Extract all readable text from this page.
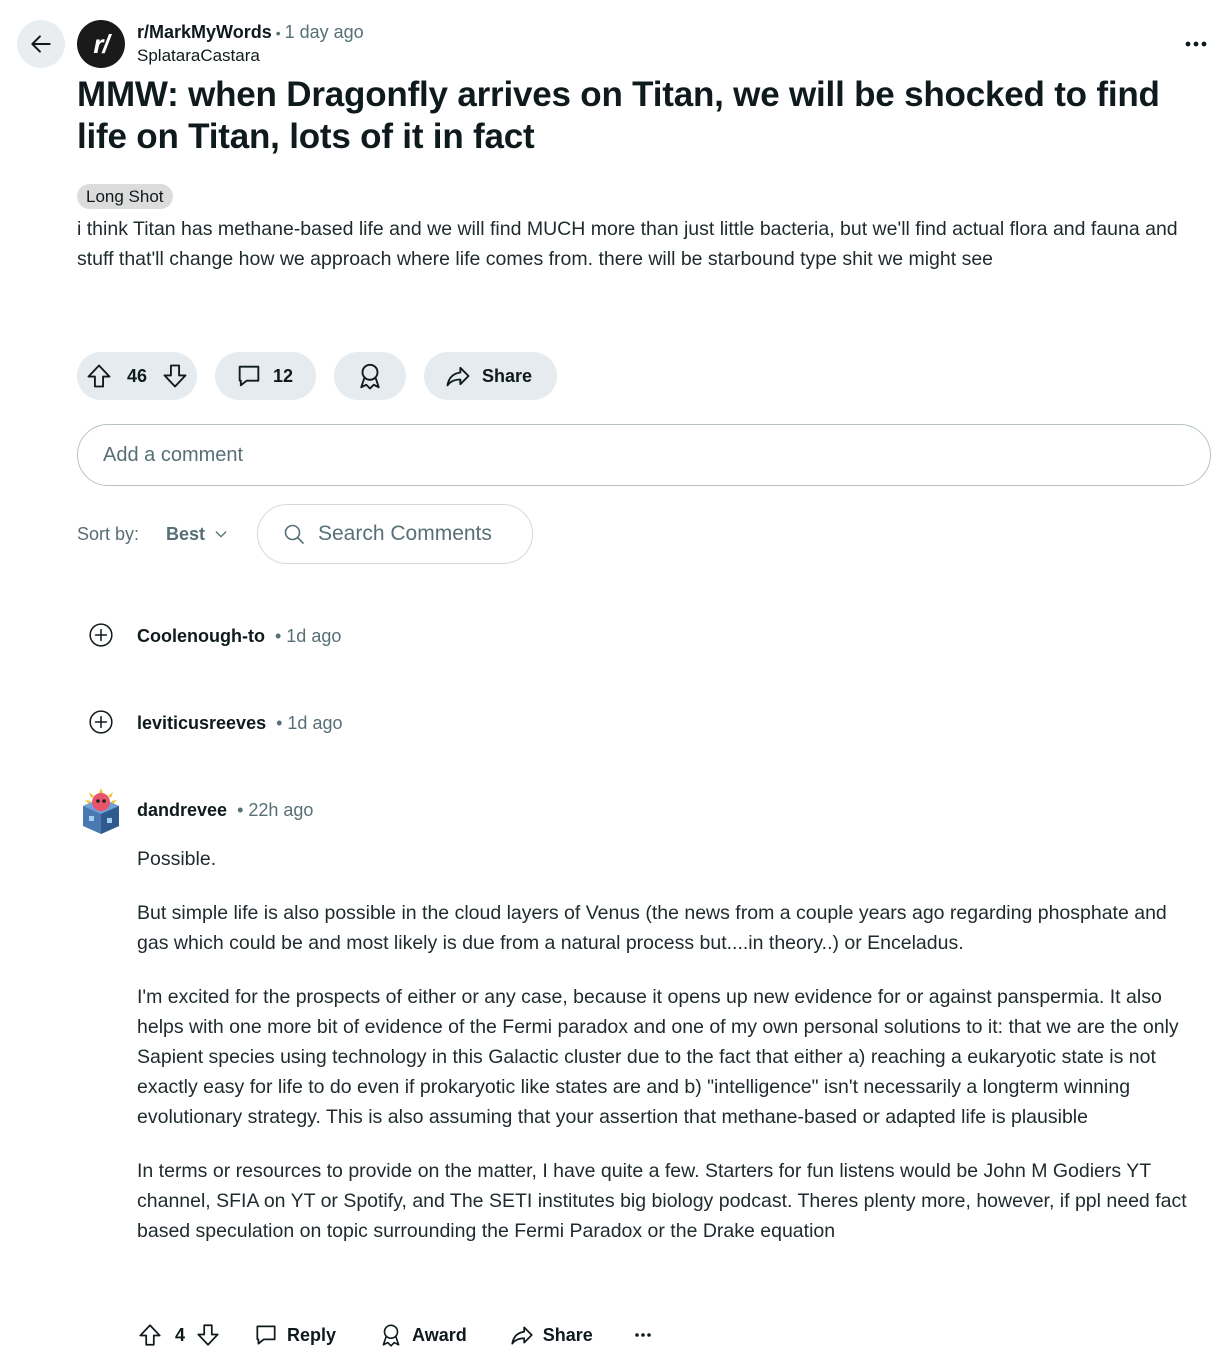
r/ r/MarkMyWords • 1 day ago
SplataraCastara
MMW: when Dragonfly arrives on Titan, we will be shocked to find life on Titan, lots of it in fact
Long Shot
i think Titan has methane-based life and we will find MUCH more than just little bacteria, but we'll find actual flora and fauna and stuff that'll change how we approach where life comes from. there will be starbound type shit we might see
46	12	Share
Add a comment
Sort by: Best
Search Comments
Coolenough-to  • 1d ago
leviticusreeves  • 1d ago
dandrevee  • 22h ago

Possible.

But simple life is also possible in the cloud layers of Venus (the news from a couple years ago regarding phosphate and gas which could be and most likely is due from a natural process but....in theory..) or Enceladus.

I'm excited for the prospects of either or any case, because it opens up new evidence for or against panspermia. It also helps with one more bit of evidence of the Fermi paradox and one of my own personal solutions to it: that we are the only Sapient species using technology in this Galactic cluster due to the fact that either a) reaching a eukaryotic state is not exactly easy for life to do even if prokaryotic like states are and b) "intelligence" isn't necessarily a longterm winning evolutionary strategy. This is also assuming that your assertion that methane-based or adapted life is plausible

In terms or resources to provide on the matter, I have quite a few. Starters for fun listens would be John M Godiers YT channel, SFIA on YT or Spotify, and The SETI institutes big biology podcast. Theres plenty more, however, if ppl need fact based speculation on topic surrounding the Fermi Paradox or the Drake equation

4	Reply	Award	Share
